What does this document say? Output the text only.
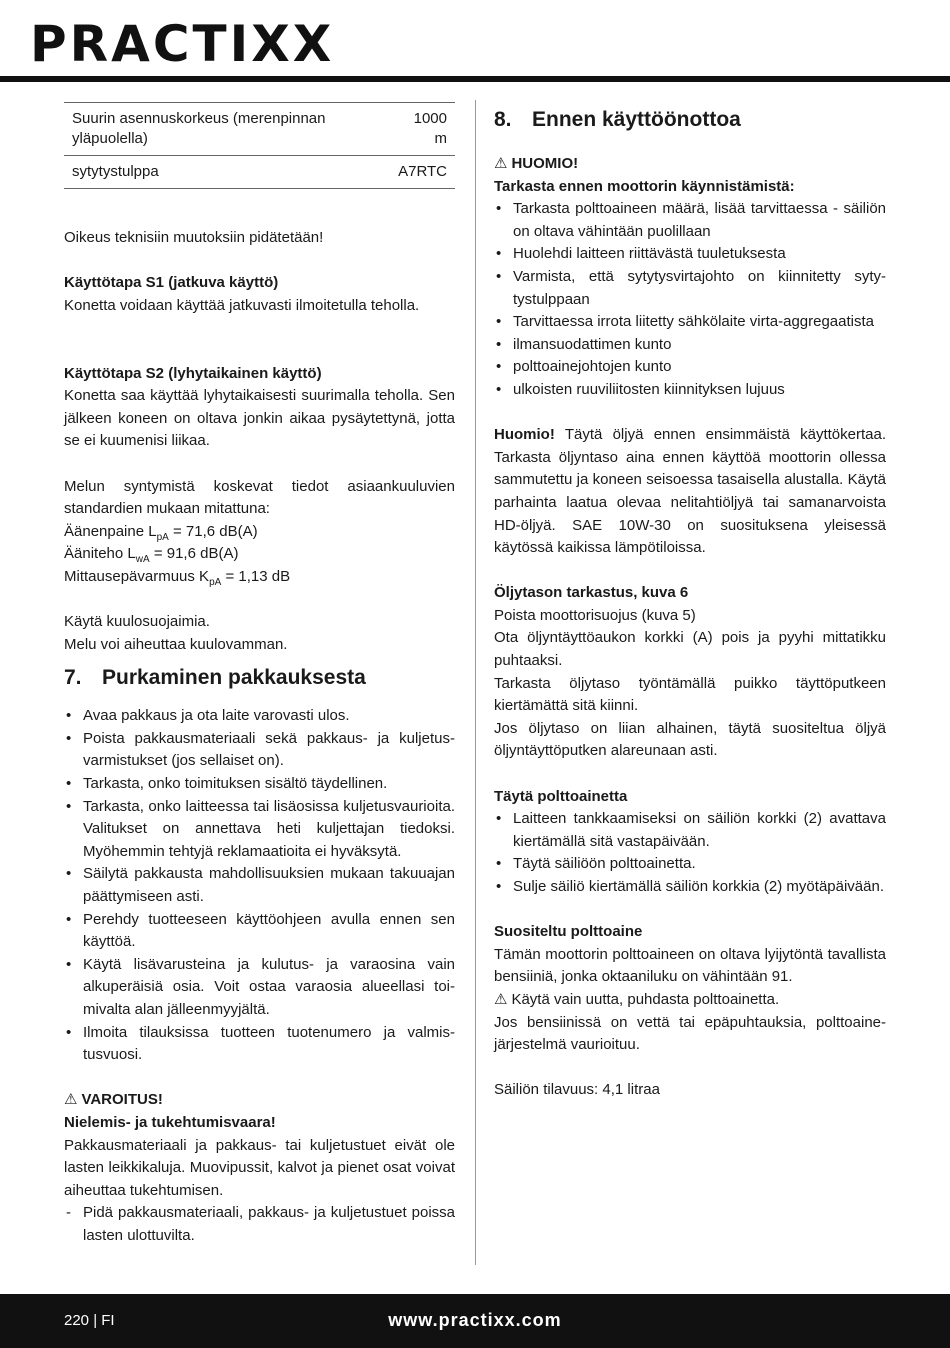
PRACTIXX
Suurin asennuskorkeus (merenpinnan yläpuolella)	1000 m
sytytystulppa	A7RTC

Oikeus teknisiin muutoksiin pidätetään!

Käyttötapa S1 (jatkuva käyttö)

Konetta voidaan käyttää jatkuvasti ilmoitetulla teholla.

Käyttötapa S2 (lyhytaikainen käyttö)

Konetta saa käyttää lyhytaikaisesti suurimalla teholla. Sen jälkeen koneen on oltava jonkin aikaa pysäytettynä, jotta se ei kuumenisi liikaa.

Melun syntymistä koskevat tiedot asiaankuuluvien standardien mukaan mitattuna:

Äänenpaine $L_{pA} = 71,6$ dB(A)

Ääniteho $L_{wA} = 91,6$ dB(A)

Mittausepävarmuus $K_{pA} = 1,13$ dB

Käytä kuulosuojaimia.

Melu voi aiheuttaa kuulovamman.

7. Purkaminen pakkauksesta
• Avaa pakkaus ja ota laite varovasti ulos.
• Poista pakkausmateriaali sekä pakkaus- ja kuljetusvarmistukset (jos sellaiset on).
• Tarkasta, onko toimituksen sisältö täydellinen.
• Tarkasta, onko laitteessa tai lisäosissa kuljetusvaurioita. Valitukset on annettava heti kuljettajan tiedoksi. Myöhemmin tehtyjä reklamaatioita ei hyväksytä.
• Säilytä pakkausta mahdollisuuksien mukaan takuuajan päättymiseen asti.
• Perehdy tuotteeseen käyttöohjeen avulla ennen sen käyttöä.
• Käytä lisävarusteina ja kulutus- ja varaosina vain alkuperäisiä osia. Voit ostaa varaosia alueellasi toimivalta alan jälleenmyyjältä.
• Ilmoita tilauksissa tuotteen tuotenumero ja valmistusvuosi.

⚠ VAROITUS!

Nielemis- ja tukehtumisvaara!

Pakkausmateriaali ja pakkaus- tai kuljetustuet eivät ole lasten leikkikaluja. Muovipussit, kalvot ja pienet osat voivat aiheuttaa tukehtumisen.

- Pidä pakkausmateriaali, pakkaus- ja kuljetustuet poissa lasten ulottuvilta.
8. Ennen käyttöönottoa

⚠ HUOMIO!

Tarkasta ennen moottorin käynnistämistä:

• Tarkasta polttoaineen määrä, lisää tarvittaessa - säiliön on oltava vähintään puolillaan
• Huolehdi laitteen riittävästä tuuletuksesta
• Varmista, että sytytysvirtajohto on kiinnitetty sytytystulppaan
• Tarvittaessa irrota liitetty sähkölaite virta-aggregaatista
• ilmansuodattimen kunto
• polttoainejohtojen kunto
• ulkoisten ruuviliitosten kiinnityksen lujuus

Huomio! Täytä öljyä ennen ensimmäistä käyttökertaa. Tarkasta öljyntaso aina ennen käyttöä moottorin ollessa sammutettu ja koneen seisoessa tasaisella alustalla. Käytä parhainta laatua olevaa nelitahtiöljyä tai samanarvoista HD-öljyä. SAE 10W-30 on suosituksеna yleisessä käytössä kaikissa lämpötiloissa.

Öljytason tarkastus, kuva 6

Poista moottorisuojus (kuva 5)

Ota öljyntäyttöaukon korkki (A) pois ja pyyhi mittatikku puhtaaksi.

Tarkasta öljytaso työntämällä puikko täyttöputkeen kiertämättä sitä kiinni.

Jos öljytaso on liian alhainen, täytä suositeltua öljyä öljyntäyttöputken alareunaan asti.

Täytä polttoainetta

• Laitteen tankkaamiseksi on säiliön korkki (2) avattava kiertämällä sitä vastapäivään.
• Täytä säiliöön polttoainetta.
• Sulje säiliö kiertämällä säiliön korkkia (2) myötäpäivään.

Suositeltu polttoaine

Tämän moottorin polttoaineen on oltava lyijytöntä tavallista bensiiniä, jonka oktaaniluku on vähintään 91.

⚠ Käytä vain uutta, puhdasta polttoainetta.

Jos bensiinissä on vettä tai epäpuhtauksia, polttoainejärjestelmä vaurioituu.

Säiliön tilavuus: 4,1 litraa

220 | FI	www.practixx.com
